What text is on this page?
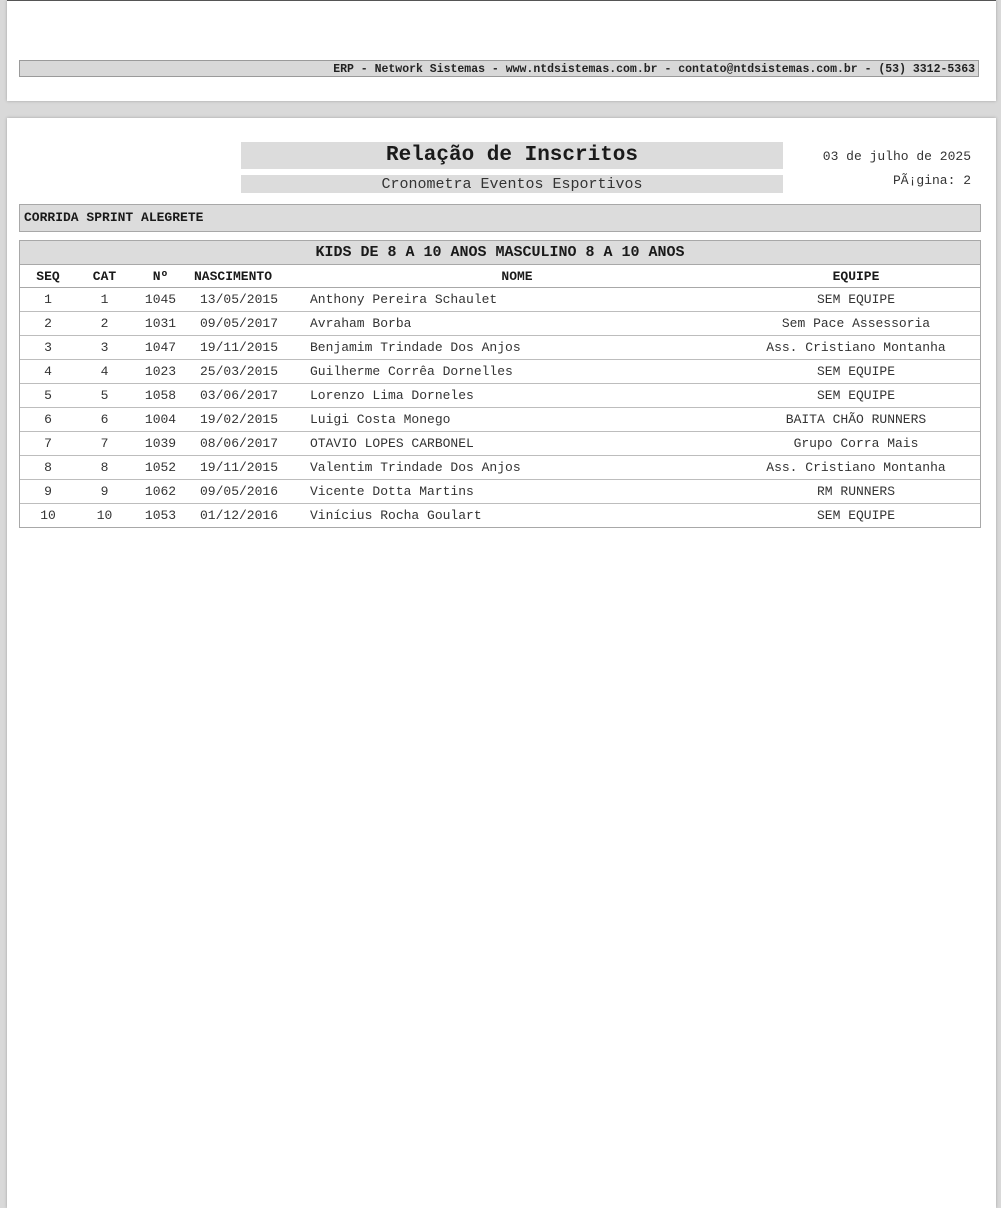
ERP - Network Sistemas - www.ntdsistemas.com.br - contato@ntdsistemas.com.br - (53) 3312-5363
Relação de Inscritos
Cronometra Eventos Esportivos
03 de julho de 2025
PÃ¡gina: 2
CORRIDA SPRINT ALEGRETE
KIDS DE 8 A 10 ANOS MASCULINO 8 A 10 ANOS
SEQ	CAT	Nº	NASCIMENTO	NOME	EQUIPE
1	1	1045	13/05/2015	Anthony Pereira Schaulet	SEM EQUIPE
2	2	1031	09/05/2017	Avraham Borba	Sem Pace Assessoria
3	3	1047	19/11/2015	Benjamim Trindade Dos Anjos	Ass. Cristiano Montanha
4	4	1023	25/03/2015	Guilherme Corrêa Dornelles	SEM EQUIPE
5	5	1058	03/06/2017	Lorenzo Lima Dorneles	SEM EQUIPE
6	6	1004	19/02/2015	Luigi Costa Monego	BAITA CHÃO RUNNERS
7	7	1039	08/06/2017	OTAVIO LOPES CARBONEL	Grupo Corra Mais
8	8	1052	19/11/2015	Valentim Trindade Dos Anjos	Ass. Cristiano Montanha
9	9	1062	09/05/2016	Vicente Dotta Martins	RM RUNNERS
10	10	1053	01/12/2016	Vinícius Rocha Goulart	SEM EQUIPE
